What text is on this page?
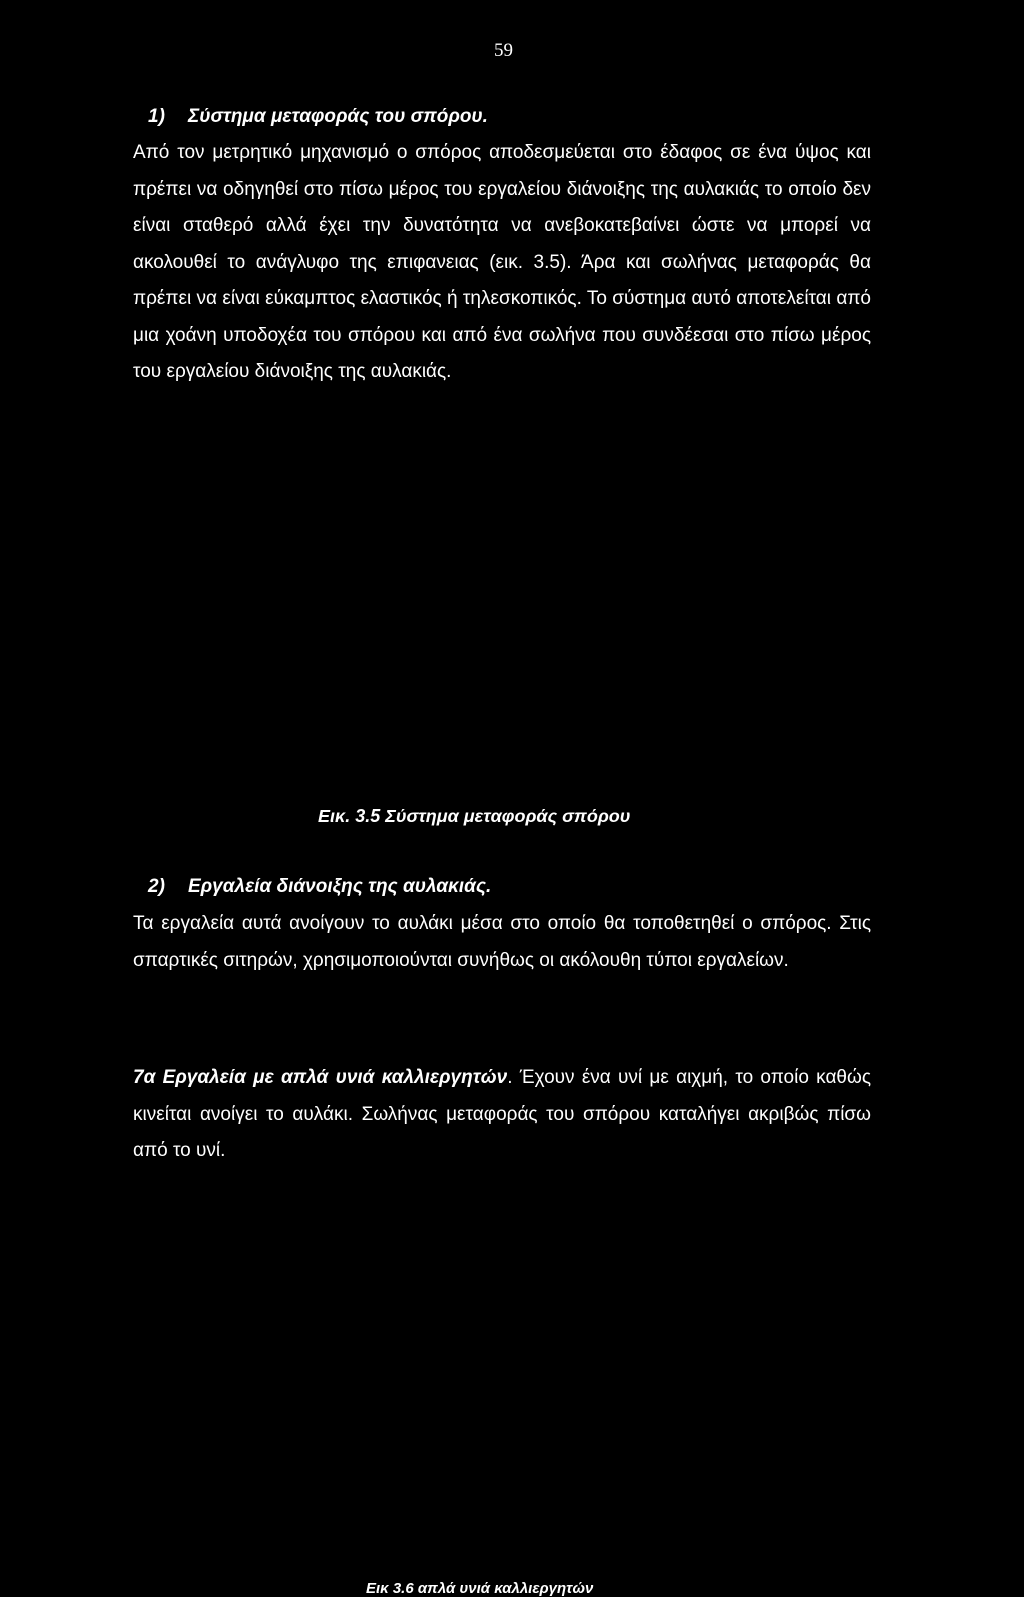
59
1) Σύστημα μεταφοράς του σπόρου.

Από τον μετρητικό μηχανισμό ο σπόρος αποδεσμεύεται στο έδαφος σε ένα ύψος και πρέπει να οδηγηθεί στο πίσω μέρος του εργαλείου διάνοιξης της αυλακιάς το οποίο δεν είναι σταθερό αλλά έχει την δυνατότητα να ανεβοκατεβαίνει ώστε να μπορεί να ακολουθεί το ανάγλυφο της επιφανειας (εικ. 3.5). Άρα και σωλήνας μεταφοράς θα πρέπει να είναι εύκαμπτος ελαστικός ή τηλεσκοπικός. Το σύστημα αυτό αποτελείται από μια χοάνη υποδοχέα του σπόρου και από ένα σωλήνα που συνδέεσαι στο πίσω μέρος του εργαλείου διάνοιξης της αυλακιάς.

Εικ. 3.5 Σύστημα μεταφοράς σπόρου
2) Εργαλεία διάνοιξης της αυλακιάς.

Τα εργαλεία αυτά ανοίγουν το αυλάκι μέσα στο οποίο θα τοποθετηθεί ο σπόρος. Στις σπαρτικές σιτηρών, χρησιμοποιούνται συνήθως οι ακόλουθη τύποι εργαλείων.

7α Εργαλεία με απλά υνιά καλλιεργητών. Έχουν ένα υνί με αιχμή, το οποίο καθώς κινείται ανοίγει το αυλάκι. Σωλήνας μεταφοράς του σπόρου καταλήγει ακριβώς πίσω από το υνί.

Εικ 3.6 απλά υνιά καλλιεργητών
